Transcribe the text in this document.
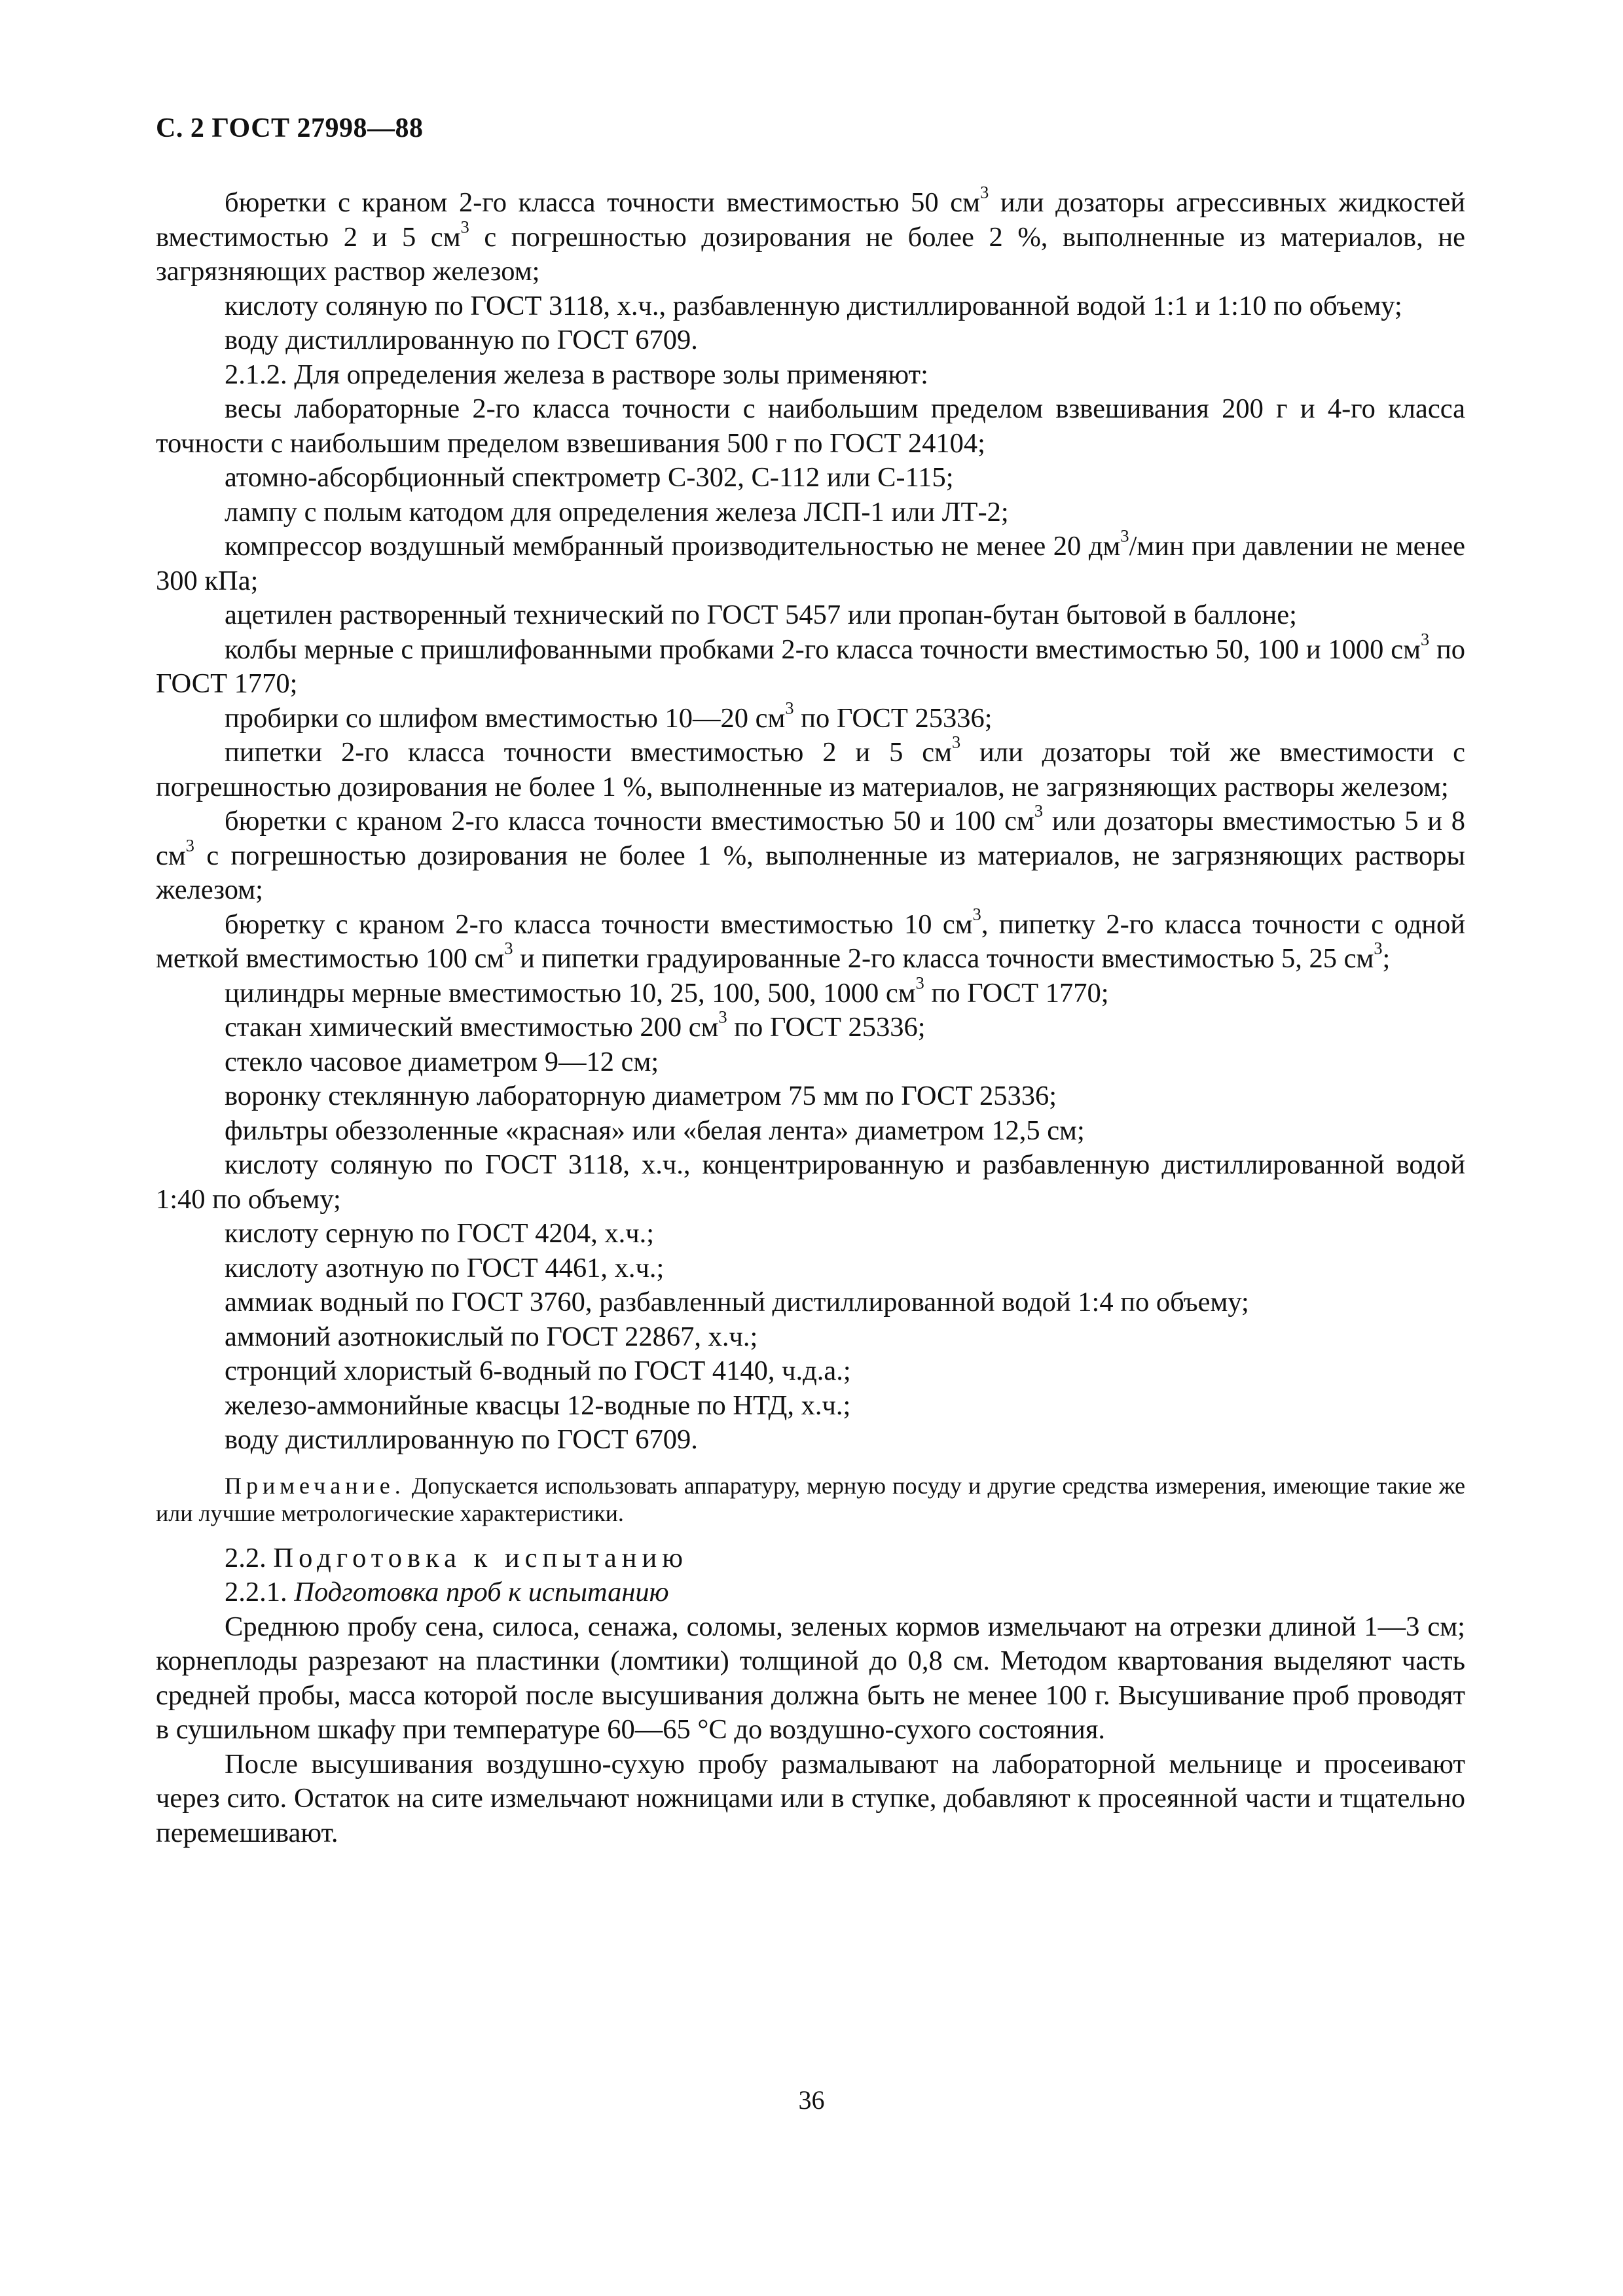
С. 2 ГОСТ 27998—88

бюретки с краном 2-го класса точности вместимостью 50 $см^3$ или дозаторы агрессивных жидкостей вместимостью 2 и 5 $см^3$ с погрешностью дозирования не более 2 %, выполненные из материалов, не загрязняющих раствор железом;

кислоту соляную по ГОСТ 3118, х.ч., разбавленную дистиллированной водой 1:1 и 1:10 по объему;

воду дистиллированную по ГОСТ 6709.

2.1.2. Для определения железа в растворе золы применяют:

весы лабораторные 2-го класса точности с наибольшим пределом взвешивания 200 г и 4-го класса точности с наибольшим пределом взвешивания 500 г по ГОСТ 24104;

атомно-абсорбционный спектрометр С-302, С-112 или С-115;

лампу с полым катодом для определения железа ЛСП-1 или ЛТ-2;

компрессор воздушный мембранный производительностью не менее 20 $дм^3$/мин при давлении не менее 300 кПа;

ацетилен растворенный технический по ГОСТ 5457 или пропан-бутан бытовой в баллоне;

колбы мерные с пришлифованными пробками 2-го класса точности вместимостью 50, 100 и 1000 $см^3$ по ГОСТ 1770;

пробирки со шлифом вместимостью 10—20 $см^3$ по ГОСТ 25336;

пипетки 2-го класса точности вместимостью 2 и 5 $см^3$ или дозаторы той же вместимости с погрешностью дозирования не более 1 %, выполненные из материалов, не загрязняющих растворы железом;

бюретки с краном 2-го класса точности вместимостью 50 и 100 $см^3$ или дозаторы вместимостью 5 и 8 $см^3$ с погрешностью дозирования не более 1 %, выполненные из материалов, не загрязняющих растворы железом;

бюретку с краном 2-го класса точности вместимостью 10 $см^3$, пипетку 2-го класса точности с одной меткой вместимостью 100 $см^3$ и пипетки градуированные 2-го класса точности вместимостью 5, 25 $см^3$;

цилиндры мерные вместимостью 10, 25, 100, 500, 1000 $см^3$ по ГОСТ 1770;

стакан химический вместимостью 200 $см^3$ по ГОСТ 25336;

стекло часовое диаметром 9—12 см;

воронку стеклянную лабораторную диаметром 75 мм по ГОСТ 25336;

фильтры обеззоленные «красная» или «белая лента» диаметром 12,5 см;

кислоту соляную по ГОСТ 3118, х.ч., концентрированную и разбавленную дистиллированной водой 1:40 по объему;

кислоту серную по ГОСТ 4204, х.ч.;

кислоту азотную по ГОСТ 4461, х.ч.;

аммиак водный по ГОСТ 3760, разбавленный дистиллированной водой 1:4 по объему;

аммоний азотнокислый по ГОСТ 22867, х.ч.;

стронций хлористый 6-водный по ГОСТ 4140, ч.д.а.;

железо-аммонийные квасцы 12-водные по НТД, х.ч.;

воду дистиллированную по ГОСТ 6709.

Примечание. Допускается использовать аппаратуру, мерную посуду и другие средства измерения, имеющие такие же или лучшие метрологические характеристики.

2.2. Подготовка к испытанию

2.2.1. Подготовка проб к испытанию

Среднюю пробу сена, силоса, сенажа, соломы, зеленых кормов измельчают на отрезки длиной 1—3 см; корнеплоды разрезают на пластинки (ломтики) толщиной до 0,8 см. Методом квартования выделяют часть средней пробы, масса которой после высушивания должна быть не менее 100 г. Высушивание проб проводят в сушильном шкафу при температуре 60—65 °С до воздушно-сухого состояния.

После высушивания воздушно-сухую пробу размалывают на лабораторной мельнице и просеивают через сито. Остаток на сите измельчают ножницами или в ступке, добавляют к просеянной части и тщательно перемешивают.

36
